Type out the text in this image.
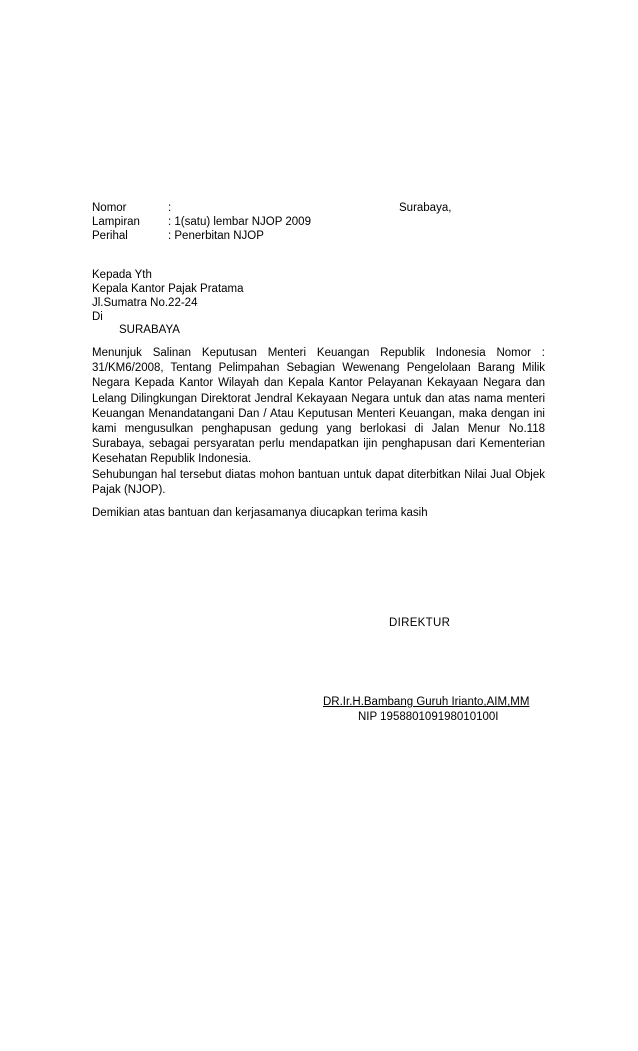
Nomor	:	Surabaya,
Lampiran : 1(satu) lembar NJOP 2009
Perihal	: Penerbitan NJOP
Kepada Yth
Kepala Kantor Pajak Pratama
Jl.Sumatra No.22-24
Di
SURABAYA

Menunjuk Salinan Keputusan Menteri Keuangan Republik Indonesia Nomor : 31/KM6/2008, Tentang Pelimpahan Sebagian Wewenang Pengelolaan Barang Milik Negara Kepada Kantor Wilayah dan Kepala Kantor Pelayanan Kekayaan Negara dan Lelang Dilingkungan Direktorat Jendral Kekayaan Negara untuk dan atas nama menteri Keuangan Menandatangani Dan / Atau Keputusan Menteri Keuangan, maka dengan ini kami mengusulkan penghapusan gedung yang berlokasi di Jalan Menur No.118 Surabaya, sebagai persyaratan perlu mendapatkan ijin penghapusan dari Kementerian Kesehatan Republik Indonesia.

Sehubungan hal tersebut diatas mohon bantuan untuk dapat diterbitkan Nilai Jual Objek Pajak (NJOP).

Demikian atas bantuan dan kerjasamanya diucapkan terima kasih
DIREKTUR
DR.Ir.H.Bambang Guruh Irianto,AIM,MM
NIP 195880109198010100I
